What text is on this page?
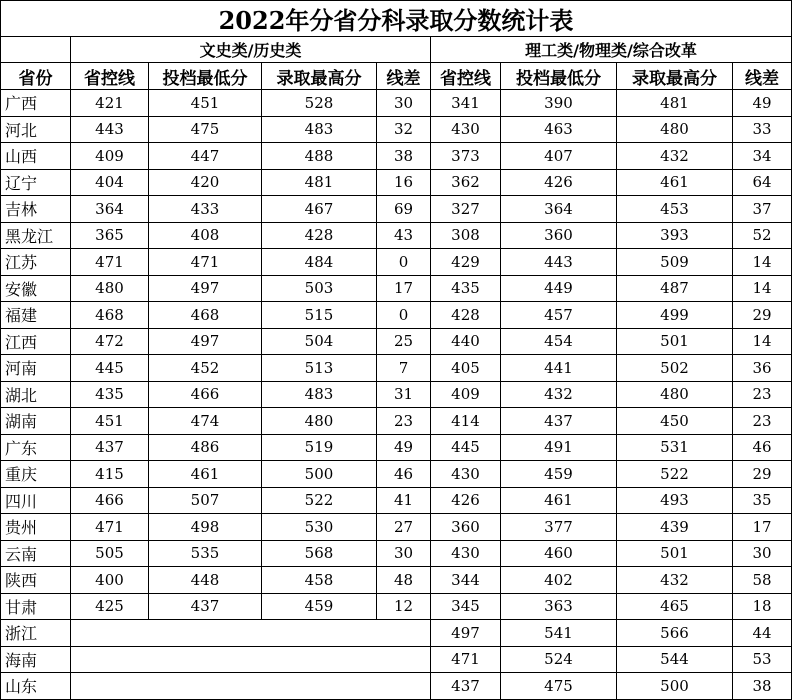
2022年分省分科录取分数统计表								
	文史类/历史类				理工类/物理类/综合改革			
省份	省控线	投档最低分	录取最高分	线差	省控线	投档最低分	录取最高分	线差
广西	421	451	528	30	341	390	481	49
河北	443	475	483	32	430	463	480	33
山西	409	447	488	38	373	407	432	34
辽宁	404	420	481	16	362	426	461	64
吉林	364	433	467	69	327	364	453	37
黑龙江	365	408	428	43	308	360	393	52
江苏	471	471	484	0	429	443	509	14
安徽	480	497	503	17	435	449	487	14
福建	468	468	515	0	428	457	499	29
江西	472	497	504	25	440	454	501	14
河南	445	452	513	7	405	441	502	36
湖北	435	466	483	31	409	432	480	23
湖南	451	474	480	23	414	437	450	23
广东	437	486	519	49	445	491	531	46
重庆	415	461	500	46	430	459	522	29
四川	466	507	522	41	426	461	493	35
贵州	471	498	530	27	360	377	439	17
云南	505	535	568	30	430	460	501	30
陕西	400	448	458	48	344	402	432	58
甘肃	425	437	459	12	345	363	465	18
浙江					497	541	566	44
海南					471	524	544	53
山东					437	475	500	38
